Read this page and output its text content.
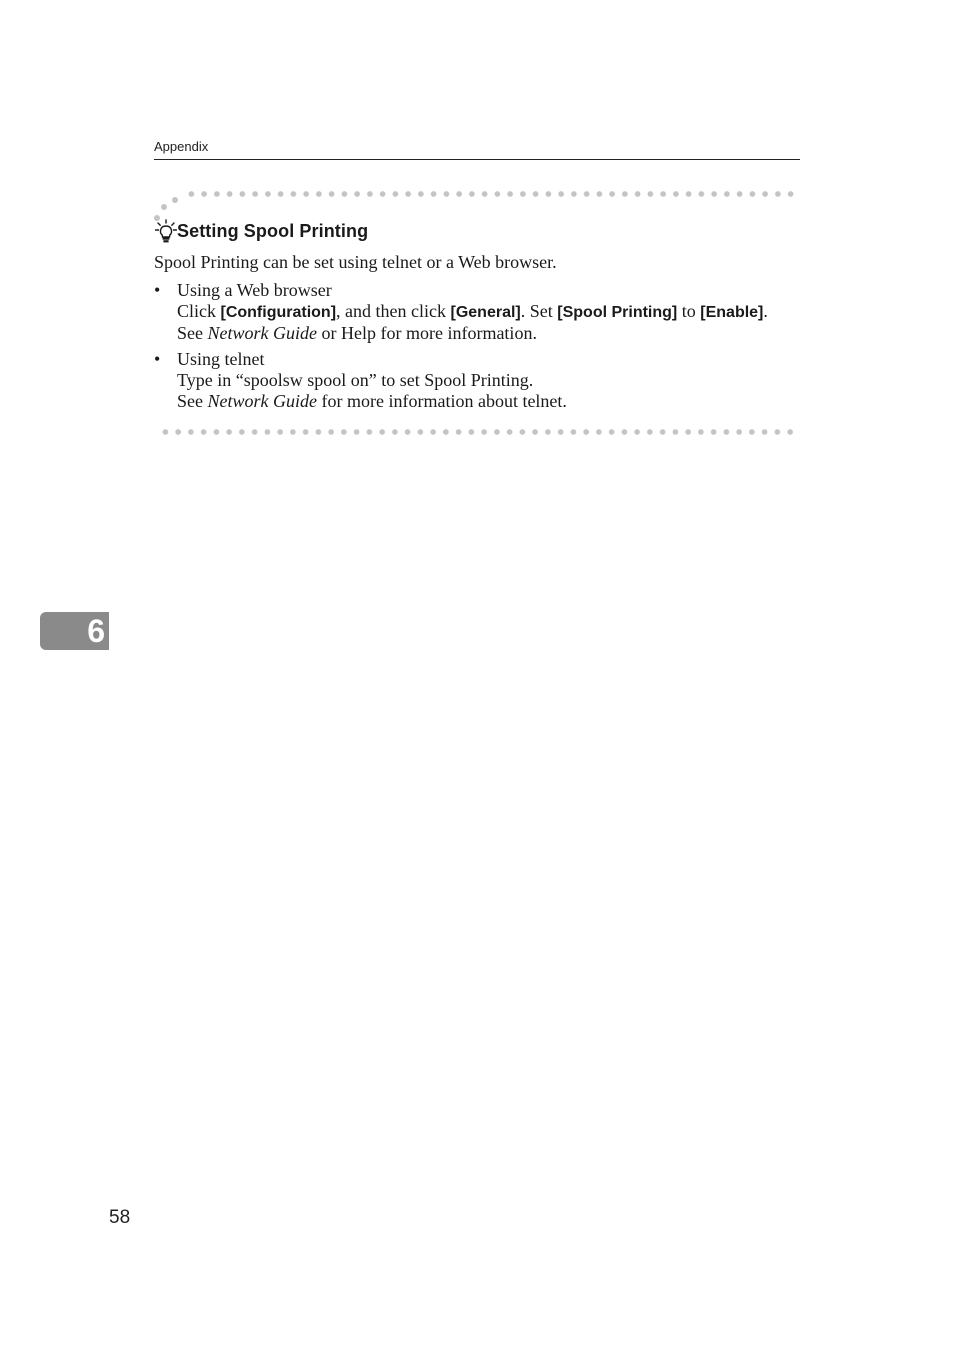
Appendix
Setting Spool Printing
Spool Printing can be set using telnet or a Web browser.
• Using a Web browser
Click [Configuration], and then click [General]. Set [Spool Printing] to [Enable].
See Network Guide or Help for more information.
• Using telnet
Type in “spoolsw spool on” to set Spool Printing.
See Network Guide for more information about telnet.
6
58
